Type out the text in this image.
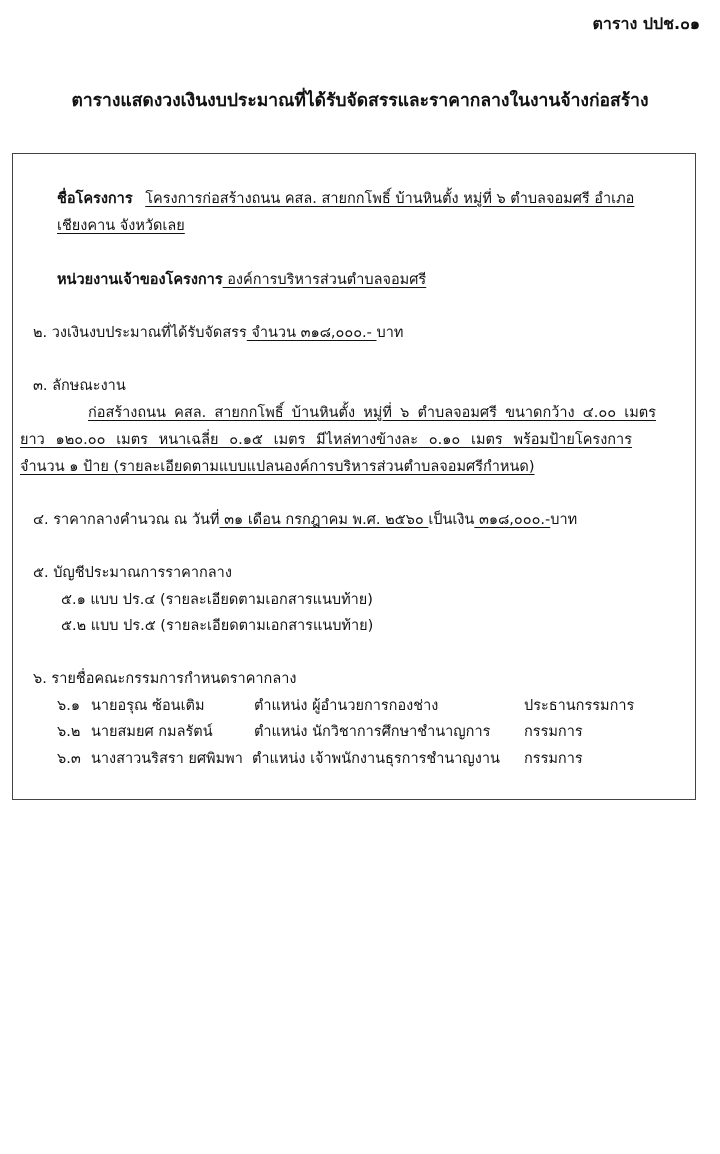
ตาราง ปปช.๐๑
ตารางแสดงวงเงินงบประมาณที่ได้รับจัดสรรและราคากลางในงานจ้างก่อสร้าง
ชื่อโครงการ โครงการก่อสร้างถนน คสล. สายกกโพธิ์ บ้านหินตั้ง หมู่ที่ ๖ ตำบลจอมศรี อำเภอ
เชียงคาน จังหวัดเลย
หน่วยงานเจ้าของโครงการ องค์การบริหารส่วนตำบลจอมศรี
๒. วงเงินงบประมาณที่ได้รับจัดสรร จำนวน ๓๑๘,๐๐๐.- บาท
๓. ลักษณะงาน
ก่อสร้างถนน คสล. สายกกโพธิ์ บ้านหินตั้ง หมู่ที่ ๖ ตำบลจอมศรี ขนาดกว้าง ๔.๐๐ เมตร
ยาว ๑๒๐.๐๐ เมตร หนาเฉลี่ย ๐.๑๕ เมตร มีไหล่ทางข้างละ ๐.๑๐ เมตร พร้อมป้ายโครงการ
จำนวน ๑ ป้าย (รายละเอียดตามแบบแปลนองค์การบริหารส่วนตำบลจอมศรีกำหนด)
๔. ราคากลางคำนวณ ณ วันที่ ๓๑ เดือน กรกฎาคม พ.ศ. ๒๕๖๐ เป็นเงิน ๓๑๘,๐๐๐.-บาท
๕. บัญชีประมาณการราคากลาง
๕.๑ แบบ ปร.๔ (รายละเอียดตามเอกสารแนบท้าย)
๕.๒ แบบ ปร.๕ (รายละเอียดตามเอกสารแนบท้าย)
๖. รายชื่อคณะกรรมการกำหนดราคากลาง
๖.๑ นายอรุณ ซ้อนเติม	ตำแหน่ง ผู้อำนวยการกองช่าง	ประธานกรรมการ
๖.๒ นายสมยศ กมลรัตน์	ตำแหน่ง นักวิชาการศึกษาชำนาญการ กรรมการ
๖.๓ นางสาวนริสรา ยศพิมพา ตำแหน่ง เจ้าพนักงานธุรการชำนาญงาน กรรมการ
